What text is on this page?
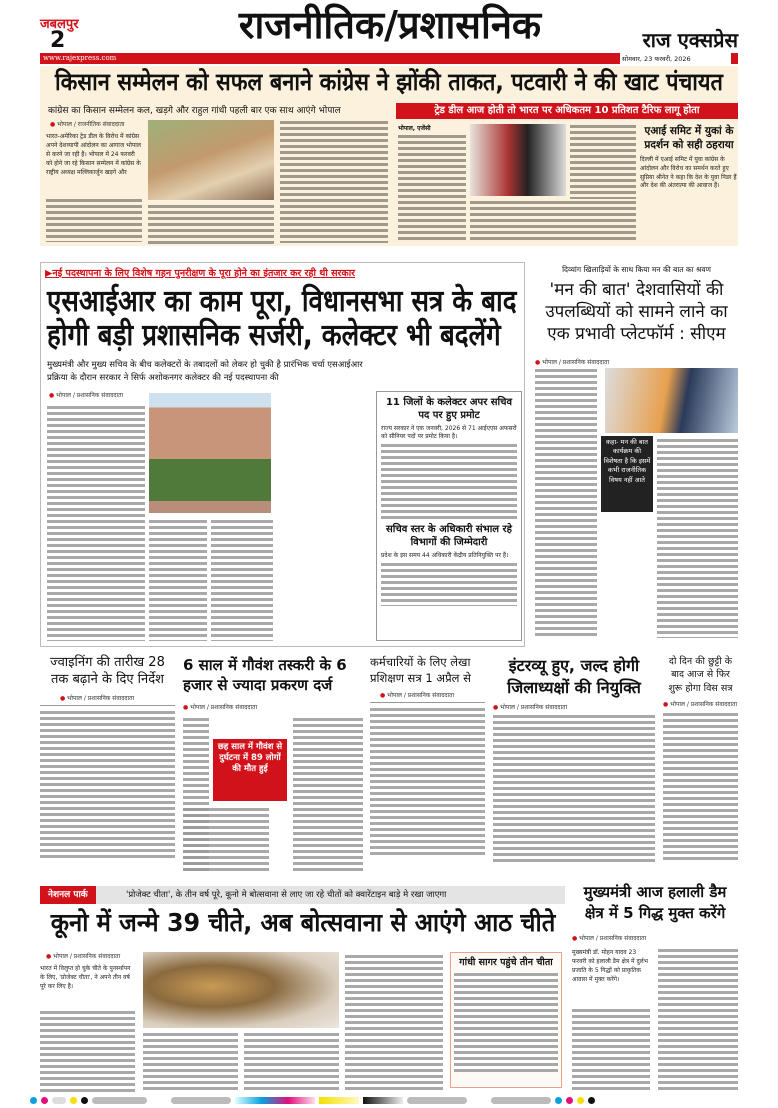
जबलपुर
2	राजनीतिक/प्रशासनिक	राज एक्सप्रेस
www.rajexpress.com	सोमवार, 23 फरवरी, 2026
किसान सम्मेलन को सफल बनाने कांग्रेस ने झोंकी ताकत, पटवारी ने की खाट पंचायत
कांग्रेस का किसान सम्मेलन कल, खड़गे और राहुल गांधी पहली बार एक साथ आएंगे भोपाल
● भोपाल / राजनीतिक संवाददाता
भारत-अमेरिका ट्रेड डील के विरोध में कांग्रेस अपने देशव्यापी आंदोलन का आगाज भोपाल से करने जा रही है। भोपाल में 24 फरवरी को होने जा रहे किसान सम्मेलन में कांग्रेस के राष्ट्रीय अध्यक्ष मल्लिकार्जुन खड़गे और
ट्रेड डील आज होती तो भारत पर अधिकतम 10 प्रतिशत टैरिफ लागू होता
भोपाल, एजेंसी	एआई समिट में युकां के प्रदर्शन को सही ठहराया
दिल्ली में एआई समिट में युवा कांग्रेस के आंदोलन और विरोध का समर्थन करते हुए सुप्रिया श्रीनेत ने कहा कि देश के युवा निडर हैं और देश की अंतरात्मा की आवाज हैं।
▶नई पदस्थापना के लिए विशेष गहन पुनरीक्षण के पूरा होने का इंतजार कर रही थी सरकार
एसआईआर का काम पूरा, विधानसभा सत्र के बाद होगी बड़ी प्रशासनिक सर्जरी, कलेक्टर भी बदलेंगे
मुख्यमंत्री और मुख्य सचिव के बीच कलेक्टरों के तबादलों को लेकर हो चुकी है प्रारंभिक चर्चा एसआईआर प्रक्रिया के दौरान सरकार ने सिर्फ अशोकनगर कलेक्टर की नई पदस्थापना की
● भोपाल / प्रशासनिक संवाददाता
11 जिलों के कलेक्टर अपर सचिव पद पर हुए प्रमोट
राज्य सरकार ने एक जनवरी, 2026 से 71 आईएएस अफसरों को सीनियर पदों पर प्रमोट किया है।
सचिव स्तर के अधिकारी संभाल रहे विभागों की जिम्मेदारी
प्रदेश के इस समय 44 अधिकारी केंद्रीय प्रतिनियुक्ति पर हैं।
दिव्यांग खिलाड़ियों के साथ किया मन की बात का श्रवण
'मन की बात' देशवासियों की उपलब्धियों को सामने लाने का एक प्रभावी प्लेटफॉर्म : सीएम
● भोपाल / प्रशासनिक संवाददाता
कहा- मन की बात कार्यक्रम की विशेषता है कि इसमें कभी राजनीतिक विषय नहीं आते
ज्वाइनिंग की तारीख 28 तक बढ़ाने के दिए निर्देश
● भोपाल / प्रशासनिक संवाददाता
6 साल में गौवंश तस्करी के 6 हजार से ज्यादा प्रकरण दर्ज
● भोपाल / प्रशासनिक संवाददाता
छह साल में गौवंश से दुर्घटना में 89 लोगों की मौत हुई
कर्मचारियों के लिए लेखा प्रशिक्षण सत्र 1 अप्रैल से
● भोपाल / प्रशासनिक संवाददाता
इंटरव्यू हुए, जल्द होगी जिलाध्यक्षों की नियुक्ति
● भोपाल / प्रशासनिक संवाददाता
दो दिन की छुट्टी के बाद आज से फिर शुरू होगा विस सत्र
● भोपाल / प्रशासनिक संवाददाता
नेशनल पार्क	'प्रोजेक्ट चीता', के तीन वर्ष पूरे, कूनो मे बोत्सवाना से लाए जा रहे चीतों को क्वारेंटाइन बाड़े मे रखा जाएगा
कूनो में जन्मे 39 चीते, अब बोत्सवाना से आएंगे आठ चीते
● भोपाल / प्रशासनिक संवाददाता
भारत में विलुप्त हो चुके चीते के पुनर्स्थापन के लिए, 'प्रोजेक्ट चीता', ने अपने तीन वर्ष पूरे कर लिए हैं।
गांधी सागर पहुंचे तीन चीता
मुख्यमंत्री आज हलाली डैम क्षेत्र में 5 गिद्ध मुक्त करेंगे
● भोपाल / प्रशासनिक संवाददाता
मुख्यमंत्री डॉ. मोहन यादव 23 फरवरी को हलाली डैम क्षेत्र में दुर्लभ प्रजाति के 5 गिद्धों को प्राकृतिक आवास में मुक्त करेंगे।
